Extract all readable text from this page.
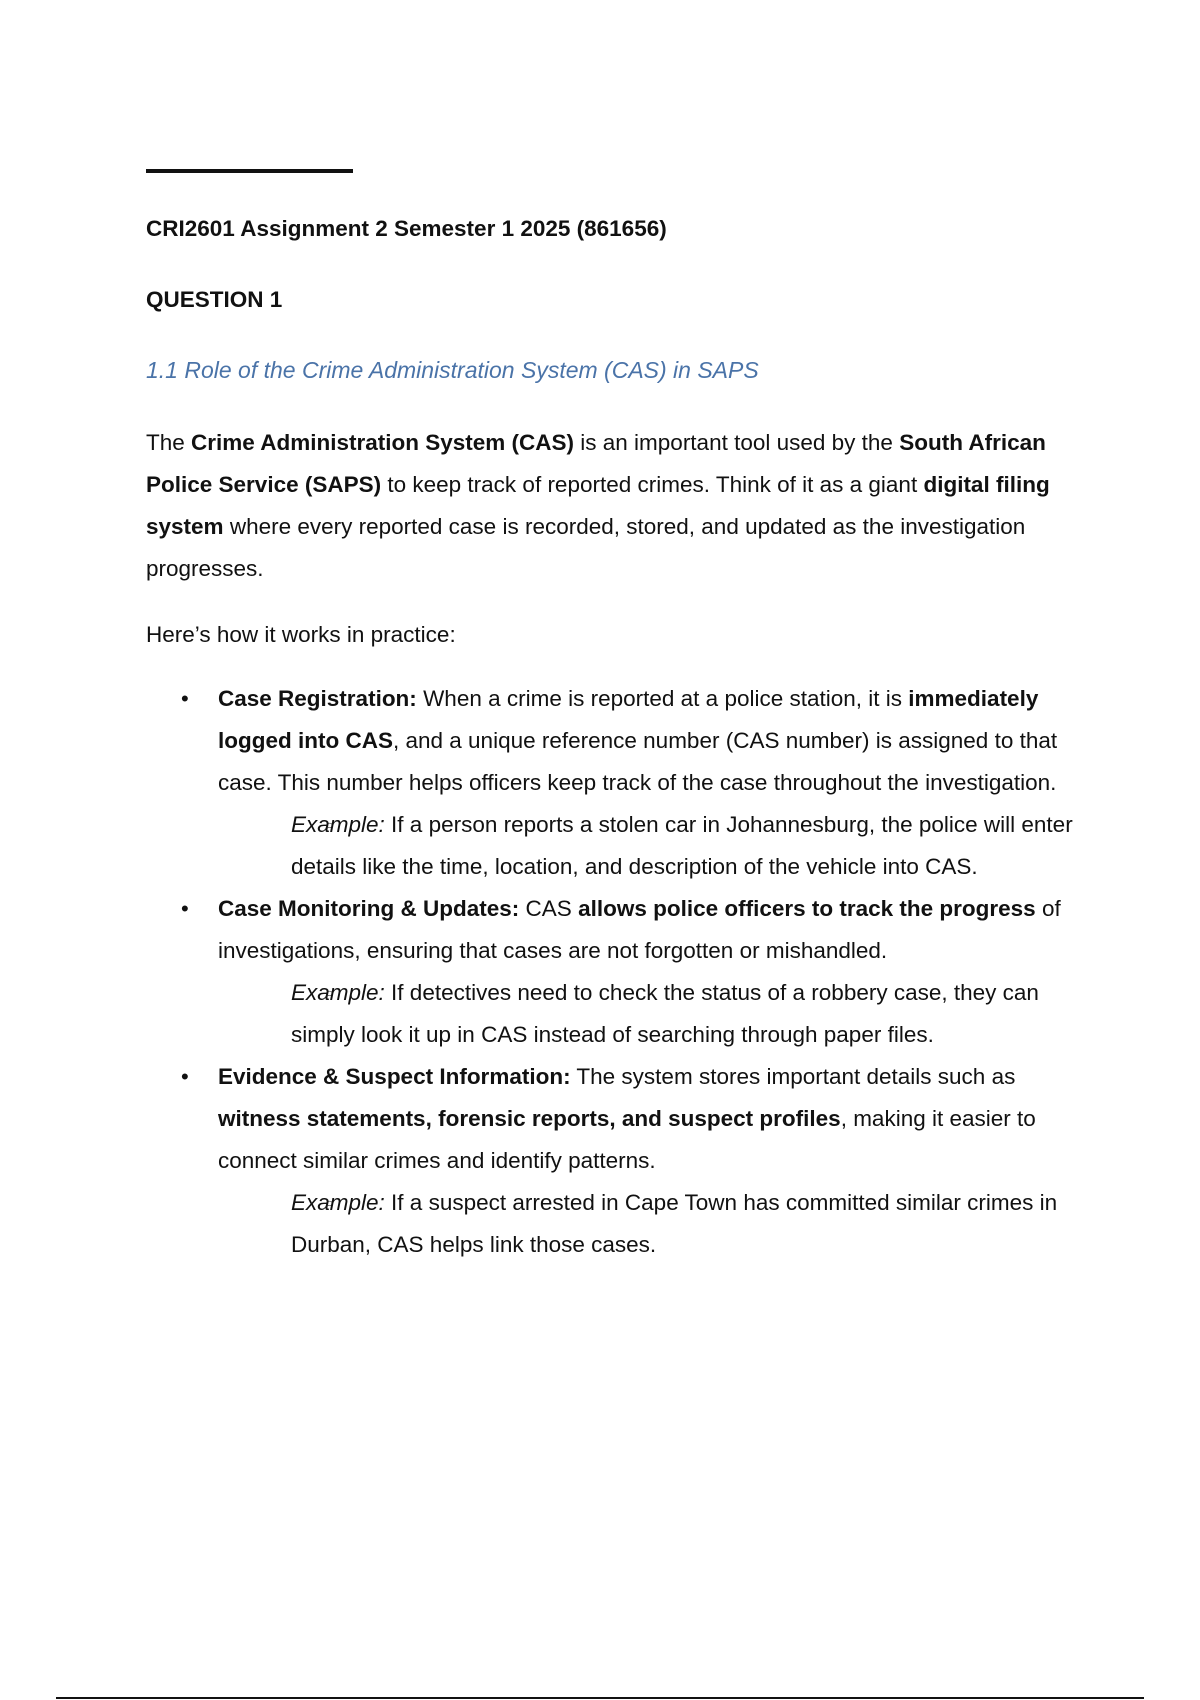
CRI2601 Assignment 2 Semester 1 2025 (861656)
QUESTION 1
1.1 Role of the Crime Administration System (CAS) in SAPS

The Crime Administration System (CAS) is an important tool used by the South African Police Service (SAPS) to keep track of reported crimes. Think of it as a giant digital filing system where every reported case is recorded, stored, and updated as the investigation progresses.

Here’s how it works in practice:

• Case Registration: When a crime is reported at a police station, it is immediately logged into CAS, and a unique reference number (CAS number) is assigned to that case. This number helps officers keep track of the case throughout the investigation.
○ Example: If a person reports a stolen car in Johannesburg, the police will enter details like the time, location, and description of the vehicle into CAS.
• Case Monitoring & Updates: CAS allows police officers to track the progress of investigations, ensuring that cases are not forgotten or mishandled.
○ Example: If detectives need to check the status of a robbery case, they can simply look it up in CAS instead of searching through paper files.
• Evidence & Suspect Information: The system stores important details such as witness statements, forensic reports, and suspect profiles, making it easier to connect similar crimes and identify patterns.
○ Example: If a suspect arrested in Cape Town has committed similar crimes in Durban, CAS helps link those cases.
